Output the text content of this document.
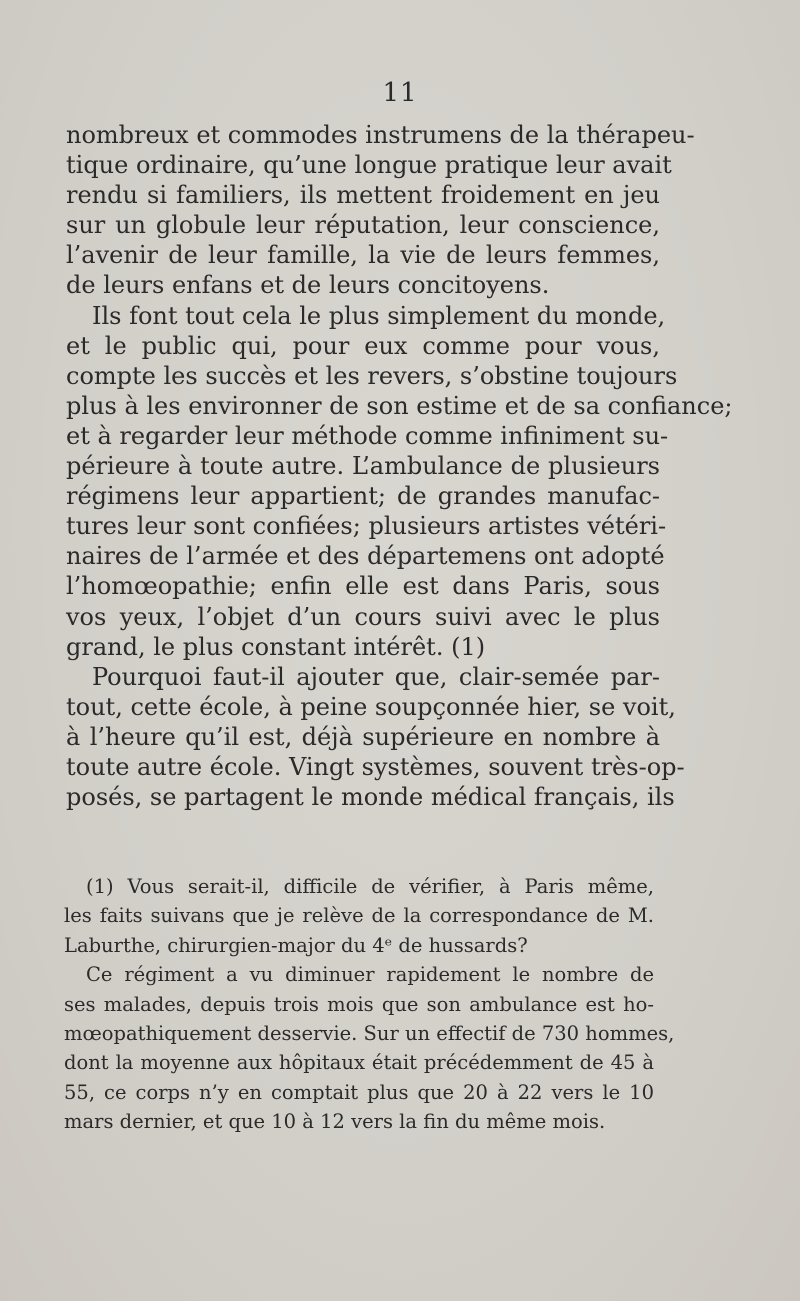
11
nombreux et commodes instrumens de la thérapeu-
tique ordinaire, qu’une longue pratique leur avait
rendu si familiers, ils mettent froidement en jeu
sur un globule leur réputation, leur conscience,
l’avenir de leur famille, la vie de leurs femmes,
de leurs enfans et de leurs concitoyens.
Ils font tout cela le plus simplement du monde,
et le public qui, pour eux comme pour vous,
compte les succès et les revers, s’obstine toujours
plus à les environner de son estime et de sa confiance;
et à regarder leur méthode comme infiniment su-
périeure à toute autre. L’ambulance de plusieurs
régimens leur appartient; de grandes manufac-
tures leur sont confiées; plusieurs artistes vétéri-
naires de l’armée et des départemens ont adopté
l’homœopathie; enfin elle est dans Paris, sous
vos yeux, l’objet d’un cours suivi avec le plus
grand, le plus constant intérêt. (1)
Pourquoi faut-il ajouter que, clair-semée par-
tout, cette école, à peine soupçonnée hier, se voit,
à l’heure qu’il est, déjà supérieure en nombre à
toute autre école. Vingt systèmes, souvent très-op-
posés, se partagent le monde médical français, ils
(1) Vous serait-il, difficile de vérifier, à Paris même,
les faits suivans que je relève de la correspondance de M.
Laburthe, chirurgien-major du 4ᵉ de hussards?
Ce régiment a vu diminuer rapidement le nombre de
ses malades, depuis trois mois que son ambulance est ho-
mœopathiquement desservie. Sur un effectif de 730 hommes,
dont la moyenne aux hôpitaux était précédemment de 45 à
55, ce corps n’y en comptait plus que 20 à 22 vers le 10
mars dernier, et que 10 à 12 vers la fin du même mois.
